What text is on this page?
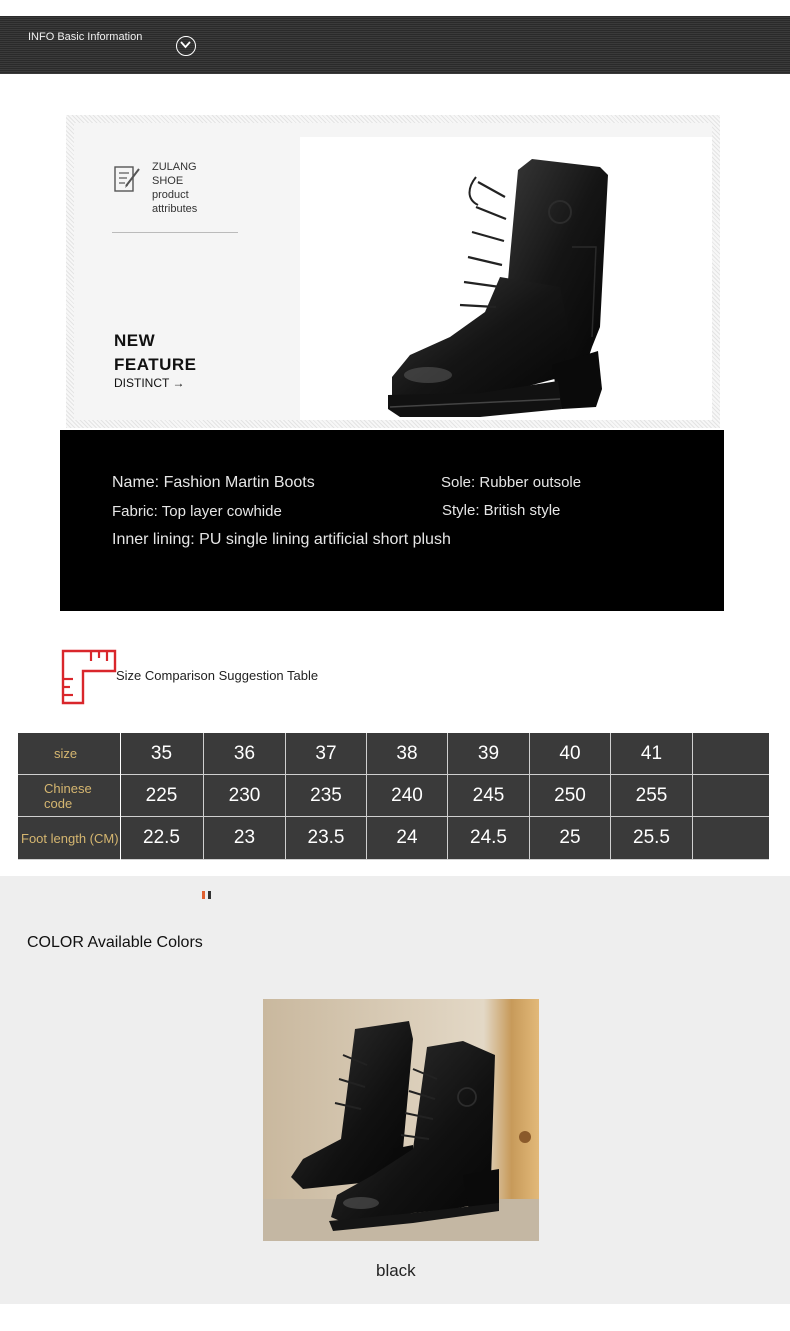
INFO Basic Information
ZULANG
SHOE
product
attributes
NEW
FEATURE
DISTINCT →
Name: Fashion Martin Boots	Sole: Rubber outsole
Fabric: Top layer cowhide	Style: British style
Inner lining: PU single lining artificial short plush
Size Comparison Suggestion Table
size	35	36	37	38	39	40	41
Chinese code	225	230	235	240	245	250	255
Foot length (CM)	22.5	23	23.5	24	24.5	25	25.5
COLOR Available Colors
black
